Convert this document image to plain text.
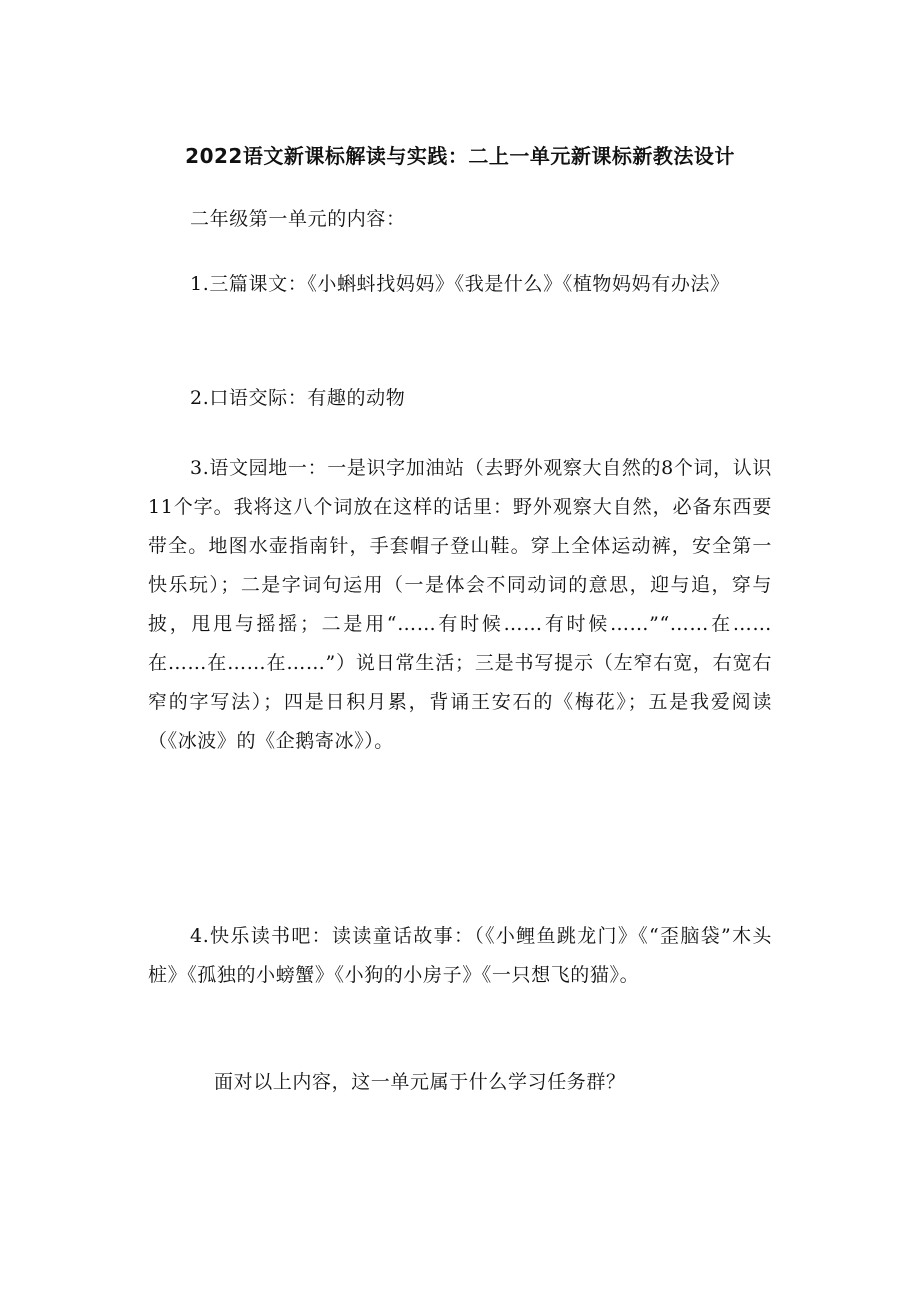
2022语文新课标解读与实践：二上一单元新课标新教法设计

二年级第一单元的内容：

1.三篇课文：《小蝌蚪找妈妈》《我是什么》《植物妈妈有办法》

2.口语交际：有趣的动物

3.语文园地一：一是识字加油站（去野外观察大自然的8个词，认识11个字。我将这八个词放在这样的话里：野外观察大自然，必备东西要带全。地图水壶指南针，手套帽子登山鞋。穿上全体运动裤，安全第一快乐玩）；二是字词句运用（一是体会不同动词的意思，迎与追，穿与披，甩甩与摇摇；二是用“……有时候……有时候……”“……在……在……在……在……”）说日常生活；三是书写提示（左窄右宽，右宽右窄的字写法）；四是日积月累，背诵王安石的《梅花》；五是我爱阅读（《冰波》的《企鹅寄冰》）。

4.快乐读书吧：读读童话故事：（《小鲤鱼跳龙门》《“歪脑袋”木头桩》《孤独的小螃蟹》《小狗的小房子》《一只想飞的猫》。

面对以上内容，这一单元属于什么学习任务群？
